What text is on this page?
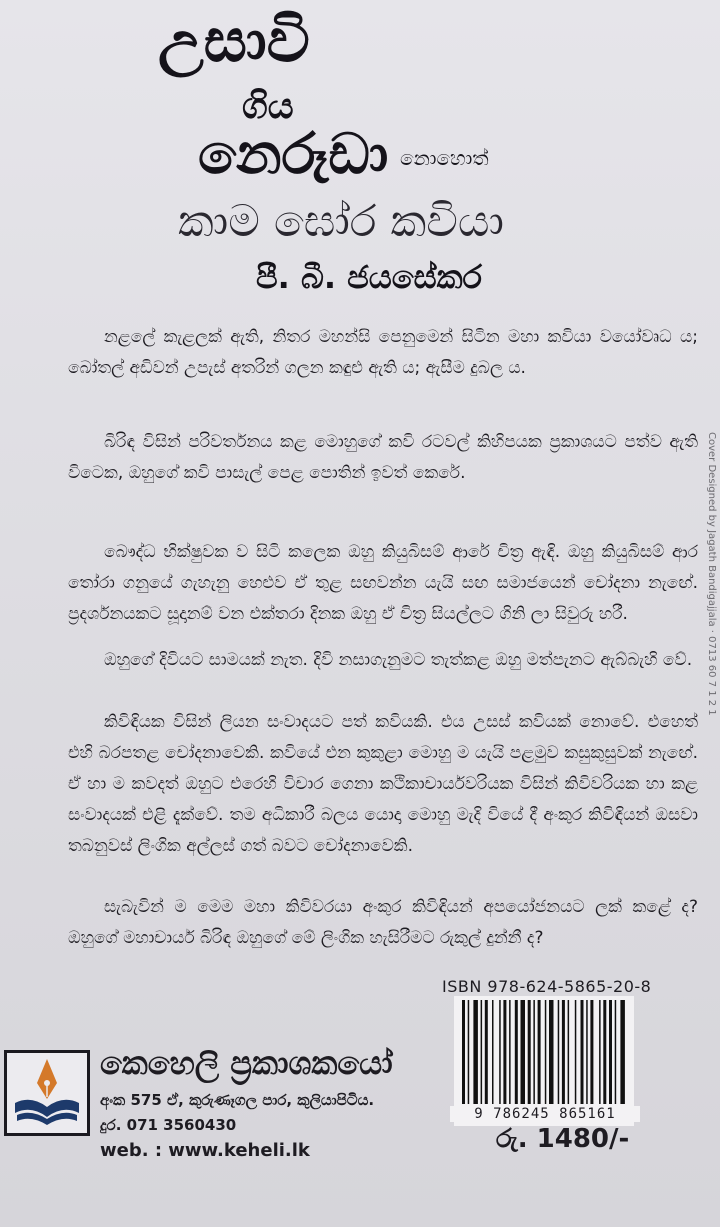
උසාවි
ගිය
නෙරූඩා නොහොත්
කාම ඝෝර කවියා
පී. බී. ජයසේකර

නළලේ කැළලක් ඇති, නිතර මහන්සි පෙනුමෙන් සිටින මහා කවියා වයෝවෘධ ය; බෝතල් අඩිවන් උපැස් අතරින් ගලන කඳුළු ඇති ය; ඇසීම දුබල ය.

බිරිඳ විසින් පරිවර්තනය කළ මොහුගේ කවි රටවල් කිහිපයක ප්‍රකාශයට පත්ව ඇති විටෙක, ඔහුගේ කවි පාසැල් පෙළ පොතින් ඉවත් කෙරේ.

බෞද්ධ භික්ෂුවක ව සිටි කලෙක ඔහු කියුබිසම් ආරේ චිත්‍ර ඇඳි. ඔහු කියුබිසම් ආර තෝරා ගනුයේ ගැහැනු හෙළුව ඒ තුළ සඟවන්න යැයි සඟ සමාජයෙන් චෝදනා නැඟේ. ප්‍රදර්ශනයකට සූදානම් වන එක්තරා දිනක ඔහු ඒ චිත්‍ර සියල්ලට ගිනි ලා සිවුරු හරී.

ඔහුගේ දිවියට සාමයක් නැත. දිවි නසාගැනුමට තැත්කළ ඔහු මත්පැනට ඇබ්බැහි වේ.

කිවිඳියක විසින් ලියන සංවාදයට පත් කවියකි. එය උසස් කවියක් නොවේ. එහෙත් එහි බරපතළ චෝදනාවෙකි. කවියේ එන කුකුළා මොහු ම යැයි පළමුව කසුකුසුවක් නැඟේ. ඒ හා ම කවදත් ඔහුට එරෙහි විචාර ගෙනා කථිකාචාර්යවරියක විසින් කිවිවරියක හා කළ සංවාදයක් එළි දැක්වේ. තම අධිකාරී බලය යොදා මොහු මැදි වියේ දී අංකුර කිවිඳියන් ඔසවා තබනුවස් ලිංගික අල්ලස් ගත් බවට චෝදනාවෙකි.

සැබැවින් ම මෙම මහා කිවිවරයා අංකුර කිවිඳියන් අපයෝජනයට ලක් කළේ ද? ඔහුගේ මහාචාර්ය බිරිඳ ඔහුගේ මේ ලිංගික හැසිරීමට රුකුල් දුන්නී ද?

Cover Designed by Jagath Bandigajjala · 0713 60 7 1 2 1
කෙහෙලි ප්‍රකාශකයෝ
අංක 575 ඒ, කුරුණෑගල පාර, කුලියාපිටිය.
දුර. 071 3560430
web. : www.keheli.lk
ISBN 978-624-5865-20-8
9 786245 865161
රු. 1480/-
